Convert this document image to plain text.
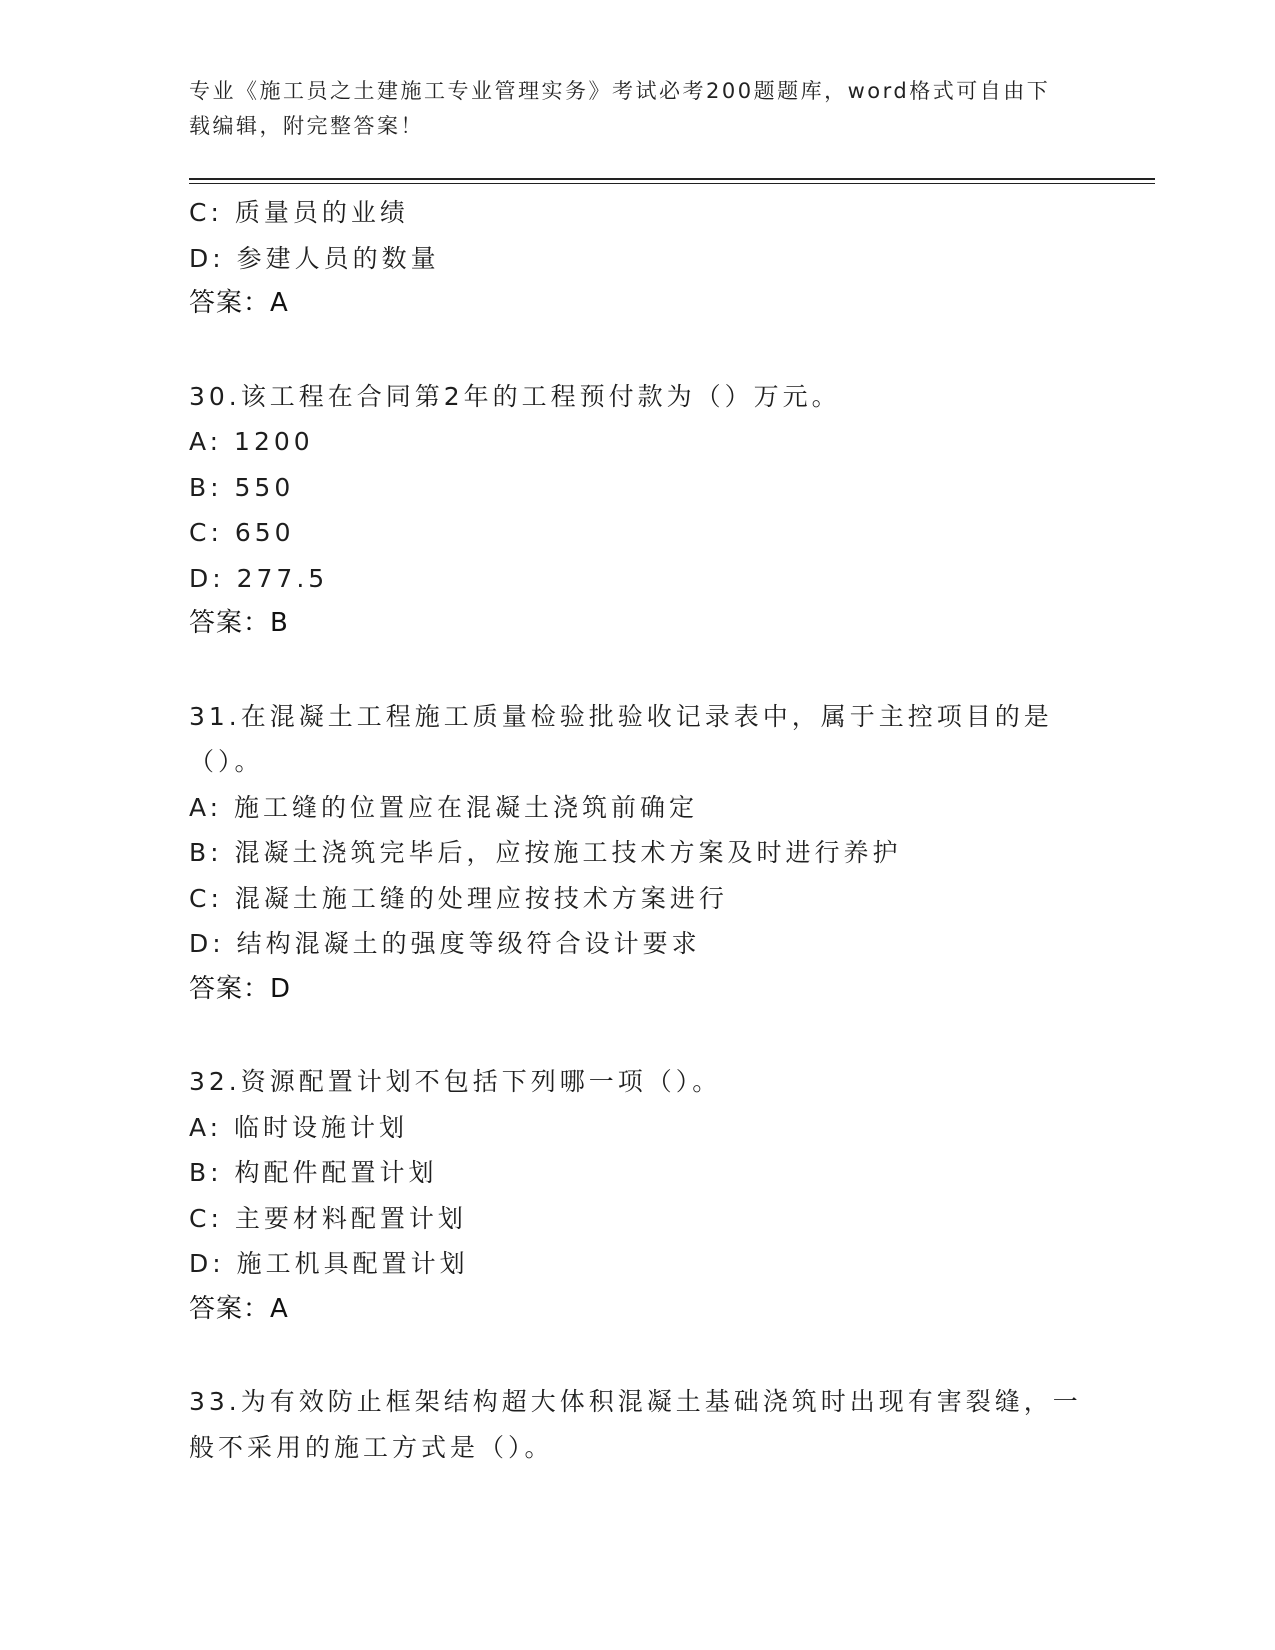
专业《施工员之土建施工专业管理实务》考试必考200题题库，word格式可自由下载编辑，附完整答案！
C: 质量员的业绩
D: 参建人员的数量
答案：A
30.该工程在合同第2年的工程预付款为（）万元。
A: 1200
B: 550
C: 650
D: 277.5
答案：B
31.在混凝土工程施工质量检验批验收记录表中，属于主控项目的是（）。
A: 施工缝的位置应在混凝土浇筑前确定
B: 混凝土浇筑完毕后，应按施工技术方案及时进行养护
C: 混凝土施工缝的处理应按技术方案进行
D: 结构混凝土的强度等级符合设计要求
答案：D
32.资源配置计划不包括下列哪一项（）。
A: 临时设施计划
B: 构配件配置计划
C: 主要材料配置计划
D: 施工机具配置计划
答案：A
33.为有效防止框架结构超大体积混凝土基础浇筑时出现有害裂缝，一般不采用的施工方式是（）。
